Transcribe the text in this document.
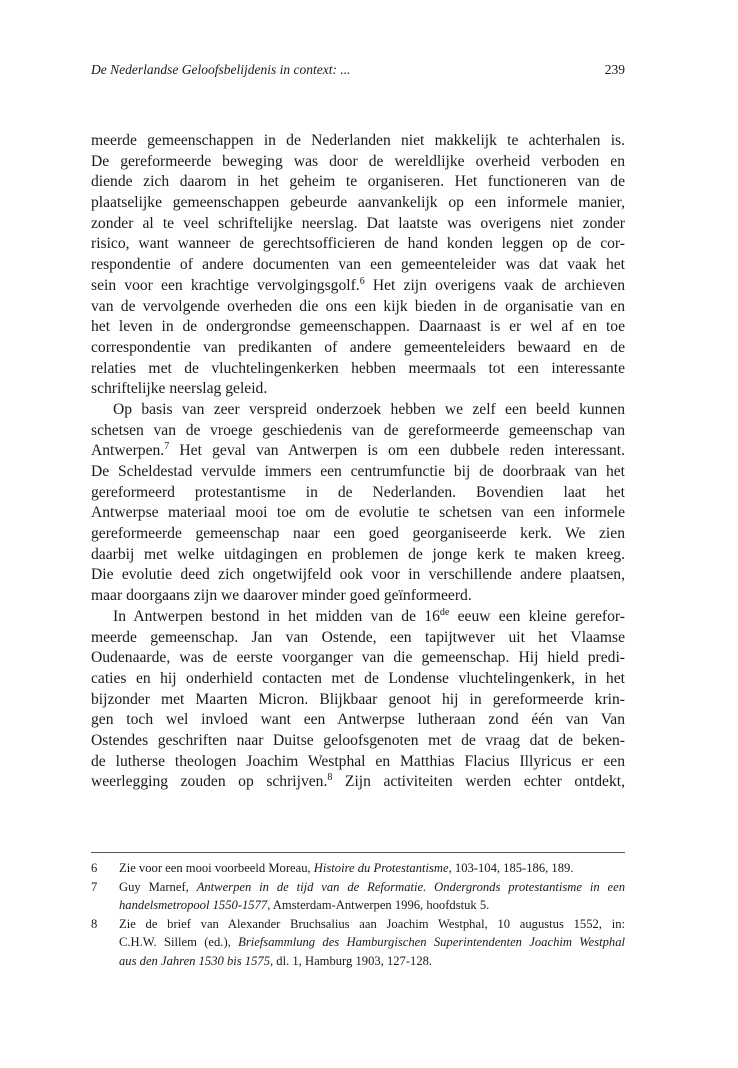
De Nederlandse Geloofsbelijdenis in context: ...	239
meerde gemeenschappen in de Nederlanden niet makkelijk te achterhalen is.
De gereformeerde beweging was door de wereldlijke overheid verboden en
diende zich daarom in het geheim te organiseren. Het functioneren van de
plaatselijke gemeenschappen gebeurde aanvankelijk op een informele manier,
zonder al te veel schriftelijke neerslag. Dat laatste was overigens niet zonder
risico, want wanneer de gerechtsofficieren de hand konden leggen op de cor-
respondentie of andere documenten van een gemeenteleider was dat vaak het
sein voor een krachtige vervolgingsgolf.$^6$ Het zijn overigens vaak de archieven
van de vervolgende overheden die ons een kijk bieden in de organisatie van en
het leven in de ondergrondse gemeenschappen. Daarnaast is er wel af en toe
correspondentie van predikanten of andere gemeenteleiders bewaard en de
relaties met de vluchtelingenkerken hebben meermaals tot een interessante
schriftelijke neerslag geleid.
Op basis van zeer verspreid onderzoek hebben we zelf een beeld kunnen
schetsen van de vroege geschiedenis van de gereformeerde gemeenschap van
Antwerpen.$^7$ Het geval van Antwerpen is om een dubbele reden interessant.
De Scheldestad vervulde immers een centrumfunctie bij de doorbraak van het
gereformeerd protestantisme in de Nederlanden. Bovendien laat het
Antwerpse materiaal mooi toe om de evolutie te schetsen van een informele
gereformeerde gemeenschap naar een goed georganiseerde kerk. We zien
daarbij met welke uitdagingen en problemen de jonge kerk te maken kreeg.
Die evolutie deed zich ongetwijfeld ook voor in verschillende andere plaatsen,
maar doorgaans zijn we daarover minder goed geïnformeerd.
In Antwerpen bestond in het midden van de 16de eeuw een kleine gerefor-
meerde gemeenschap. Jan van Ostende, een tapijtwever uit het Vlaamse
Oudenaarde, was de eerste voorganger van die gemeenschap. Hij hield predi-
caties en hij onderhield contacten met de Londense vluchtelingenkerk, in het
bijzonder met Maarten Micron. Blijkbaar genoot hij in gereformeerde krin-
gen toch wel invloed want een Antwerpse lutheraan zond één van Van
Ostendes geschriften naar Duitse geloofsgenoten met de vraag dat de beken-
de lutherse theologen Joachim Westphal en Matthias Flacius Illyricus er een
weerlegging zouden op schrijven.$^8$ Zijn activiteiten werden echter ontdekt,
6 Zie voor een mooi voorbeeld Moreau, Histoire du Protestantisme, 103-104, 185-186, 189.
7 Guy Marnef, Antwerpen in de tijd van de Reformatie. Ondergronds protestantisme in een
handelsmetropool 1550-1577, Amsterdam-Antwerpen 1996, hoofdstuk 5.
8 Zie de brief van Alexander Bruchsalius aan Joachim Westphal, 10 augustus 1552, in:
C.H.W. Sillem (ed.), Briefsammlung des Hamburgischen Superintendenten Joachim Westphal
aus den Jahren 1530 bis 1575, dl. 1, Hamburg 1903, 127-128.
